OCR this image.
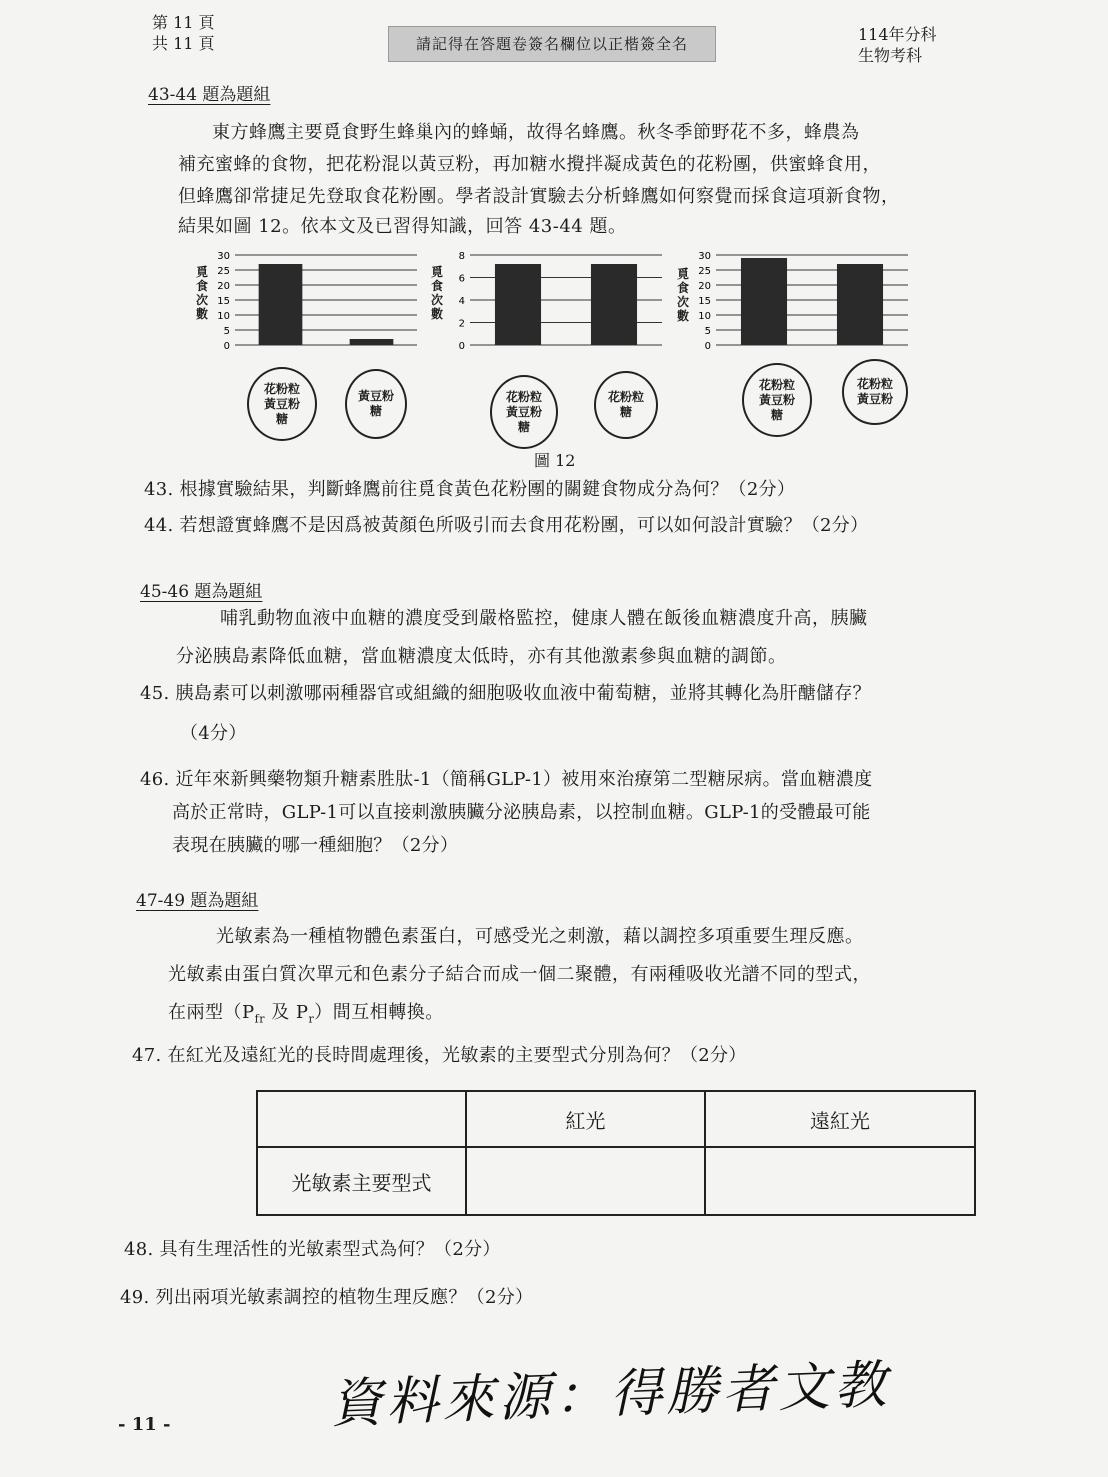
第 11 頁
共 11 頁	請記得在答題卷簽名欄位以正楷簽全名	114年分科
生物考科
43-44 題為題組
東方蜂鷹主要覓食野生蜂巢內的蜂蛹，故得名蜂鷹。秋冬季節野花不多，蜂農為
補充蜜蜂的食物，把花粉混以黃豆粉，再加糖水攪拌凝成黃色的花粉團，供蜜蜂食用，
但蜂鷹卻常捷足先登取食花粉團。學者設計實驗去分析蜂鷹如何察覺而採食這項新食物，
結果如圖 12。依本文及已習得知識，回答 43-44 題。
覓食次數
0
5
10
15
20
25
30
花粉粒
黃豆粉
糖
黃豆粉
糖
覓食次數
0
2
4
6
8
花粉粒
黃豆粉
糖
花粉粒
糖
覓食次數
0
5
10
15
20
25
30
花粉粒
黃豆粉
糖
花粉粒
黃豆粉
圖 12
43. 根據實驗結果，判斷蜂鷹前往覓食黃色花粉團的關鍵食物成分為何？（2分）
44. 若想證實蜂鷹不是因爲被黃顏色所吸引而去食用花粉團，可以如何設計實驗？（2分）
45-46 題為題組
哺乳動物血液中血糖的濃度受到嚴格監控，健康人體在飯後血糖濃度升高，胰臟
分泌胰島素降低血糖，當血糖濃度太低時，亦有其他激素參與血糖的調節。
45. 胰島素可以刺激哪兩種器官或組織的細胞吸收血液中葡萄糖，並將其轉化為肝醣儲存？
（4分）
46. 近年來新興藥物類升糖素胜肽-1（簡稱GLP-1）被用來治療第二型糖尿病。當血糖濃度
高於正常時，GLP-1可以直接刺激胰臟分泌胰島素，以控制血糖。GLP-1的受體最可能
表現在胰臟的哪一種細胞？（2分）
47-49 題為題組
光敏素為一種植物體色素蛋白，可感受光之刺激，藉以調控多項重要生理反應。
光敏素由蛋白質次單元和色素分子結合而成一個二聚體，有兩種吸收光譜不同的型式，
在兩型（$P_{fr}$ 及 $P_r$）間互相轉換。
47. 在紅光及遠紅光的長時間處理後，光敏素的主要型式分別為何？（2分）
	紅光	遠紅光
光敏素主要型式		
48. 具有生理活性的光敏素型式為何？（2分）
49. 列出兩項光敏素調控的植物生理反應？（2分）
資料來源：得勝者文教
- 11 -
